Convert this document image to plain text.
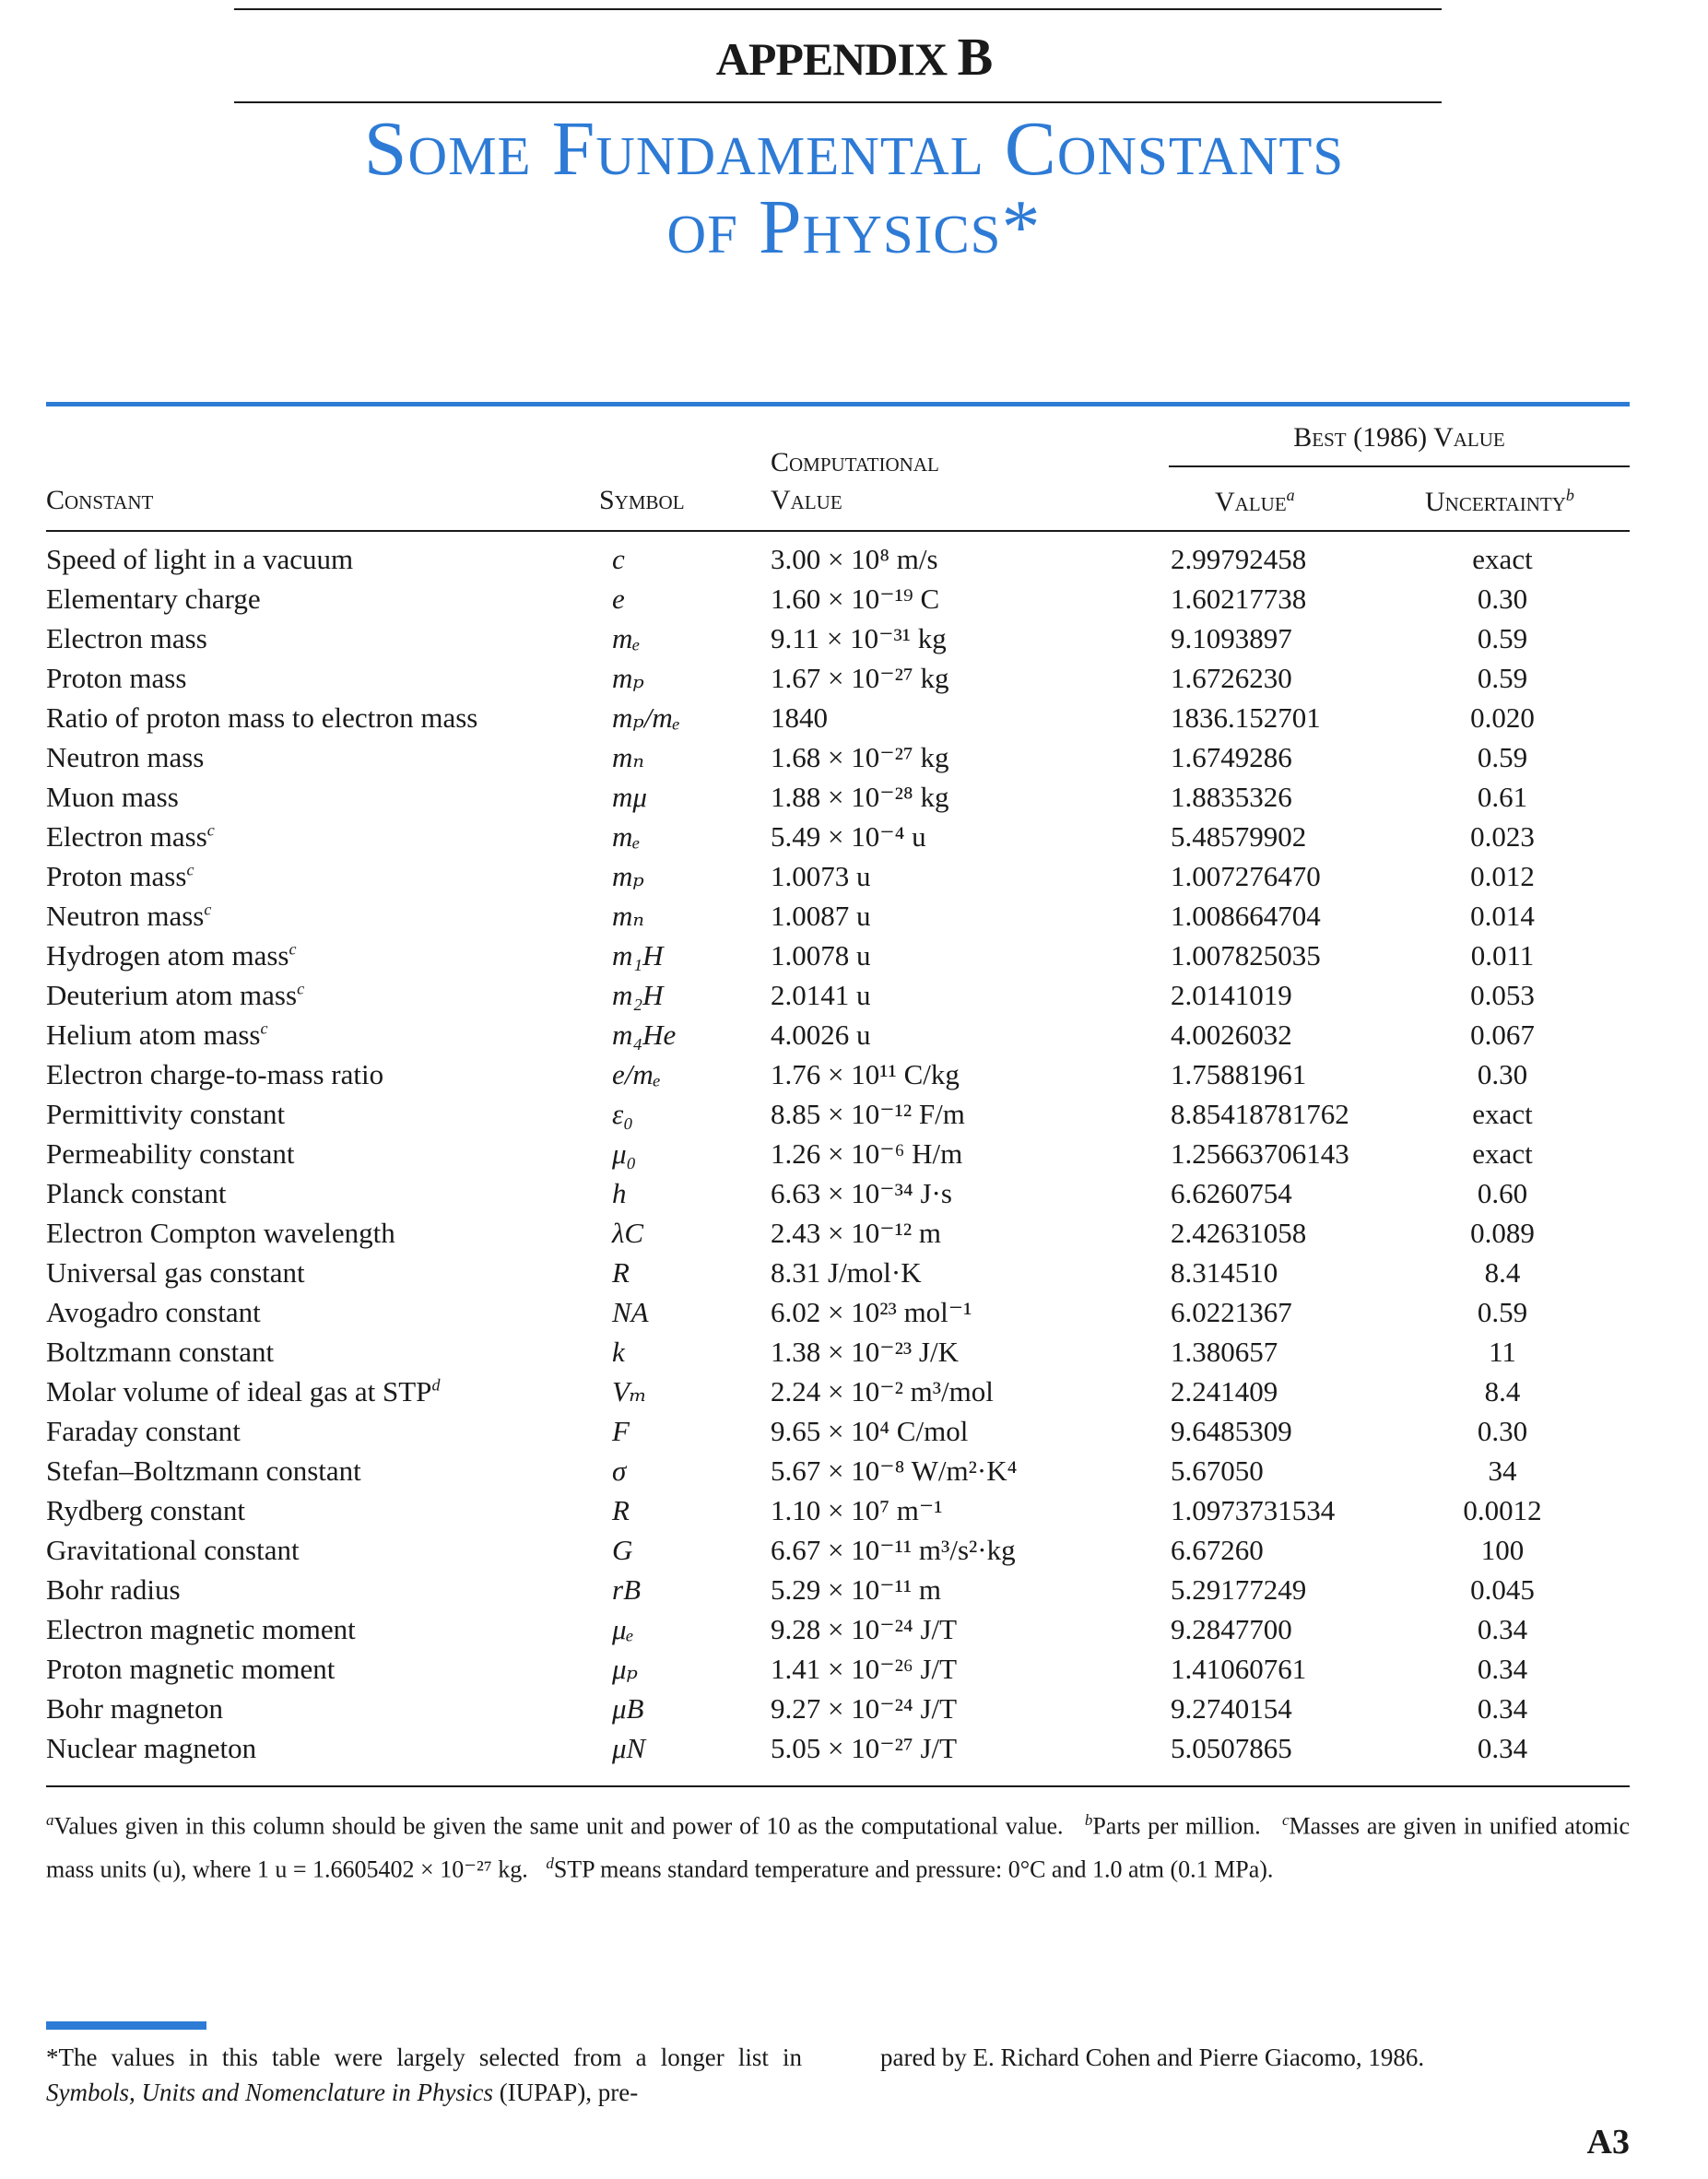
APPENDIX B
Some Fundamental Constants
of Physics*
Constant	Symbol
Computational
Value
Best (1986) Value
Value$^a$	Uncertainty$^b$
Speed of light in a vacuum	c	3.00 × 10⁸ m/s	2.99792458	exact
Elementary charge	e	1.60 × 10⁻¹⁹ C	1.60217738	0.30
Electron mass	mₑ	9.11 × 10⁻³¹ kg	9.1093897	0.59
Proton mass	mₚ	1.67 × 10⁻²⁷ kg	1.6726230	0.59
Ratio of proton mass to electron mass	mₚ/mₑ	1840	1836.152701	0.020
Neutron mass	mₙ	1.68 × 10⁻²⁷ kg	1.6749286	0.59
Muon mass	mμ	1.88 × 10⁻²⁸ kg	1.8835326	0.61
Electron mass$^c$	mₑ	5.49 × 10⁻⁴ u	5.48579902	0.023
Proton mass$^c$	mₚ	1.0073 u	1.007276470	0.012
Neutron mass$^c$	mₙ	1.0087 u	1.008664704	0.014
Hydrogen atom mass$^c$	m₁H	1.0078 u	1.007825035	0.011
Deuterium atom mass$^c$	m₂H	2.0141 u	2.0141019	0.053
Helium atom mass$^c$	m₄He	4.0026 u	4.0026032	0.067
Electron charge-to-mass ratio	e/mₑ	1.76 × 10¹¹ C/kg	1.75881961	0.30
Permittivity constant	ε₀	8.85 × 10⁻¹² F/m	8.85418781762	exact
Permeability constant	μ₀	1.26 × 10⁻⁶ H/m	1.25663706143	exact
Planck constant	h	6.63 × 10⁻³⁴ J·s	6.6260754	0.60
Electron Compton wavelength	λC	2.43 × 10⁻¹² m	2.42631058	0.089
Universal gas constant	R	8.31 J/mol·K	8.314510	8.4
Avogadro constant	NA	6.02 × 10²³ mol⁻¹	6.0221367	0.59
Boltzmann constant	k	1.38 × 10⁻²³ J/K	1.380657	11
Molar volume of ideal gas at STP$^d$	Vₘ	2.24 × 10⁻² m³/mol	2.241409	8.4
Faraday constant	F	9.65 × 10⁴ C/mol	9.6485309	0.30
Stefan–Boltzmann constant	σ	5.67 × 10⁻⁸ W/m²·K⁴	5.67050	34
Rydberg constant	R	1.10 × 10⁷ m⁻¹	1.0973731534	0.0012
Gravitational constant	G	6.67 × 10⁻¹¹ m³/s²·kg	6.67260	100
Bohr radius	rB	5.29 × 10⁻¹¹ m	5.29177249	0.045
Electron magnetic moment	μₑ	9.28 × 10⁻²⁴ J/T	9.2847700	0.34
Proton magnetic moment	μₚ	1.41 × 10⁻²⁶ J/T	1.41060761	0.34
Bohr magneton	μB	9.27 × 10⁻²⁴ J/T	9.2740154	0.34
Nuclear magneton	μN	5.05 × 10⁻²⁷ J/T	5.0507865	0.34
$^a$Values given in this column should be given the same unit and power of 10 as the computational value. $^b$Parts per million. $^c$Masses are given in unified atomic mass units (u), where 1 u = 1.6605402 × 10⁻²⁷ kg. $^d$STP means standard temperature and pressure: 0°C and 1.0 atm (0.1 MPa).
*The values in this table were largely selected from a longer list in Symbols, Units and Nomenclature in Physics (IUPAP), pre-
pared by E. Richard Cohen and Pierre Giacomo, 1986.
A3
